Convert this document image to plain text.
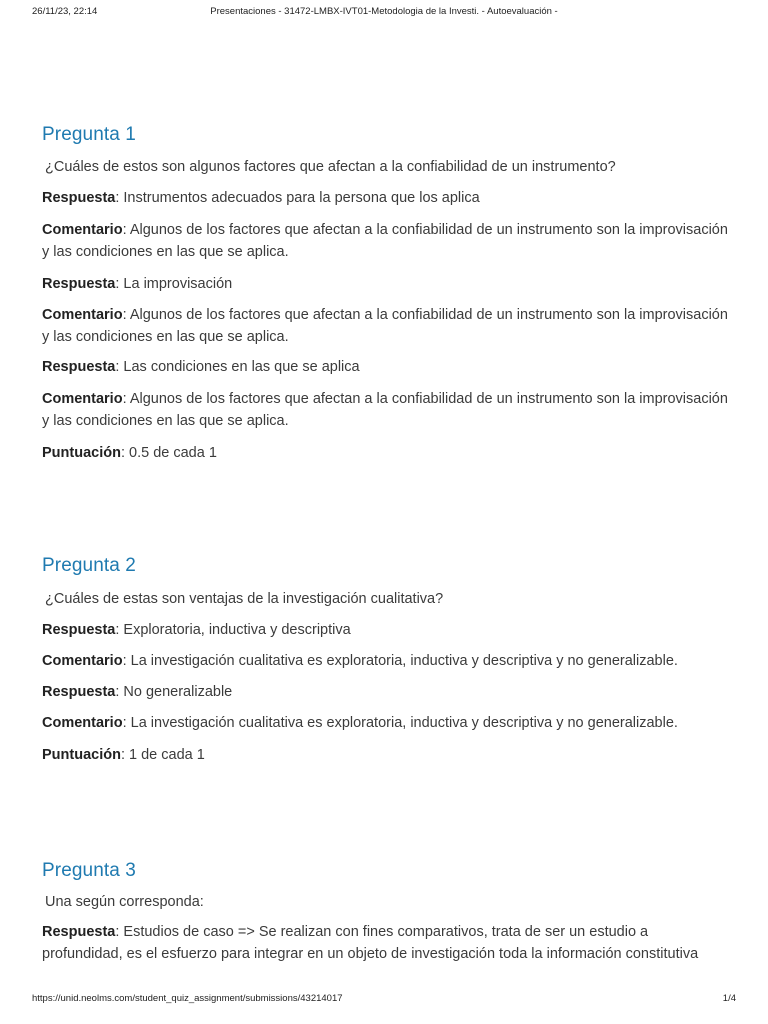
26/11/23, 22:14	Presentaciones - 31472-LMBX-IVT01-Metodologia de la Investi. - Autoevaluación -
Pregunta 1

¿Cuáles de estos son algunos factores que afectan a la confiabilidad de un instrumento?

Respuesta: Instrumentos adecuados para la persona que los aplica

Comentario: Algunos de los factores que afectan a la confiabilidad de un instrumento son la improvisación y las condiciones en las que se aplica.

Respuesta: La improvisación

Comentario: Algunos de los factores que afectan a la confiabilidad de un instrumento son la improvisación y las condiciones en las que se aplica.

Respuesta: Las condiciones en las que se aplica

Comentario: Algunos de los factores que afectan a la confiabilidad de un instrumento son la improvisación y las condiciones en las que se aplica.

Puntuación: 0.5 de cada 1

Pregunta 2

¿Cuáles de estas son ventajas de la investigación cualitativa?

Respuesta: Exploratoria, inductiva y descriptiva

Comentario: La investigación cualitativa es exploratoria, inductiva y descriptiva y no generalizable.

Respuesta: No generalizable

Comentario: La investigación cualitativa es exploratoria, inductiva y descriptiva y no generalizable.

Puntuación: 1 de cada 1

Pregunta 3

Una según corresponda:

Respuesta: Estudios de caso => Se realizan con fines comparativos, trata de ser un estudio a profundidad, es el esfuerzo para integrar en un objeto de investigación toda la información constitutiva

https://unid.neolms.com/student_quiz_assignment/submissions/43214017	1/4
